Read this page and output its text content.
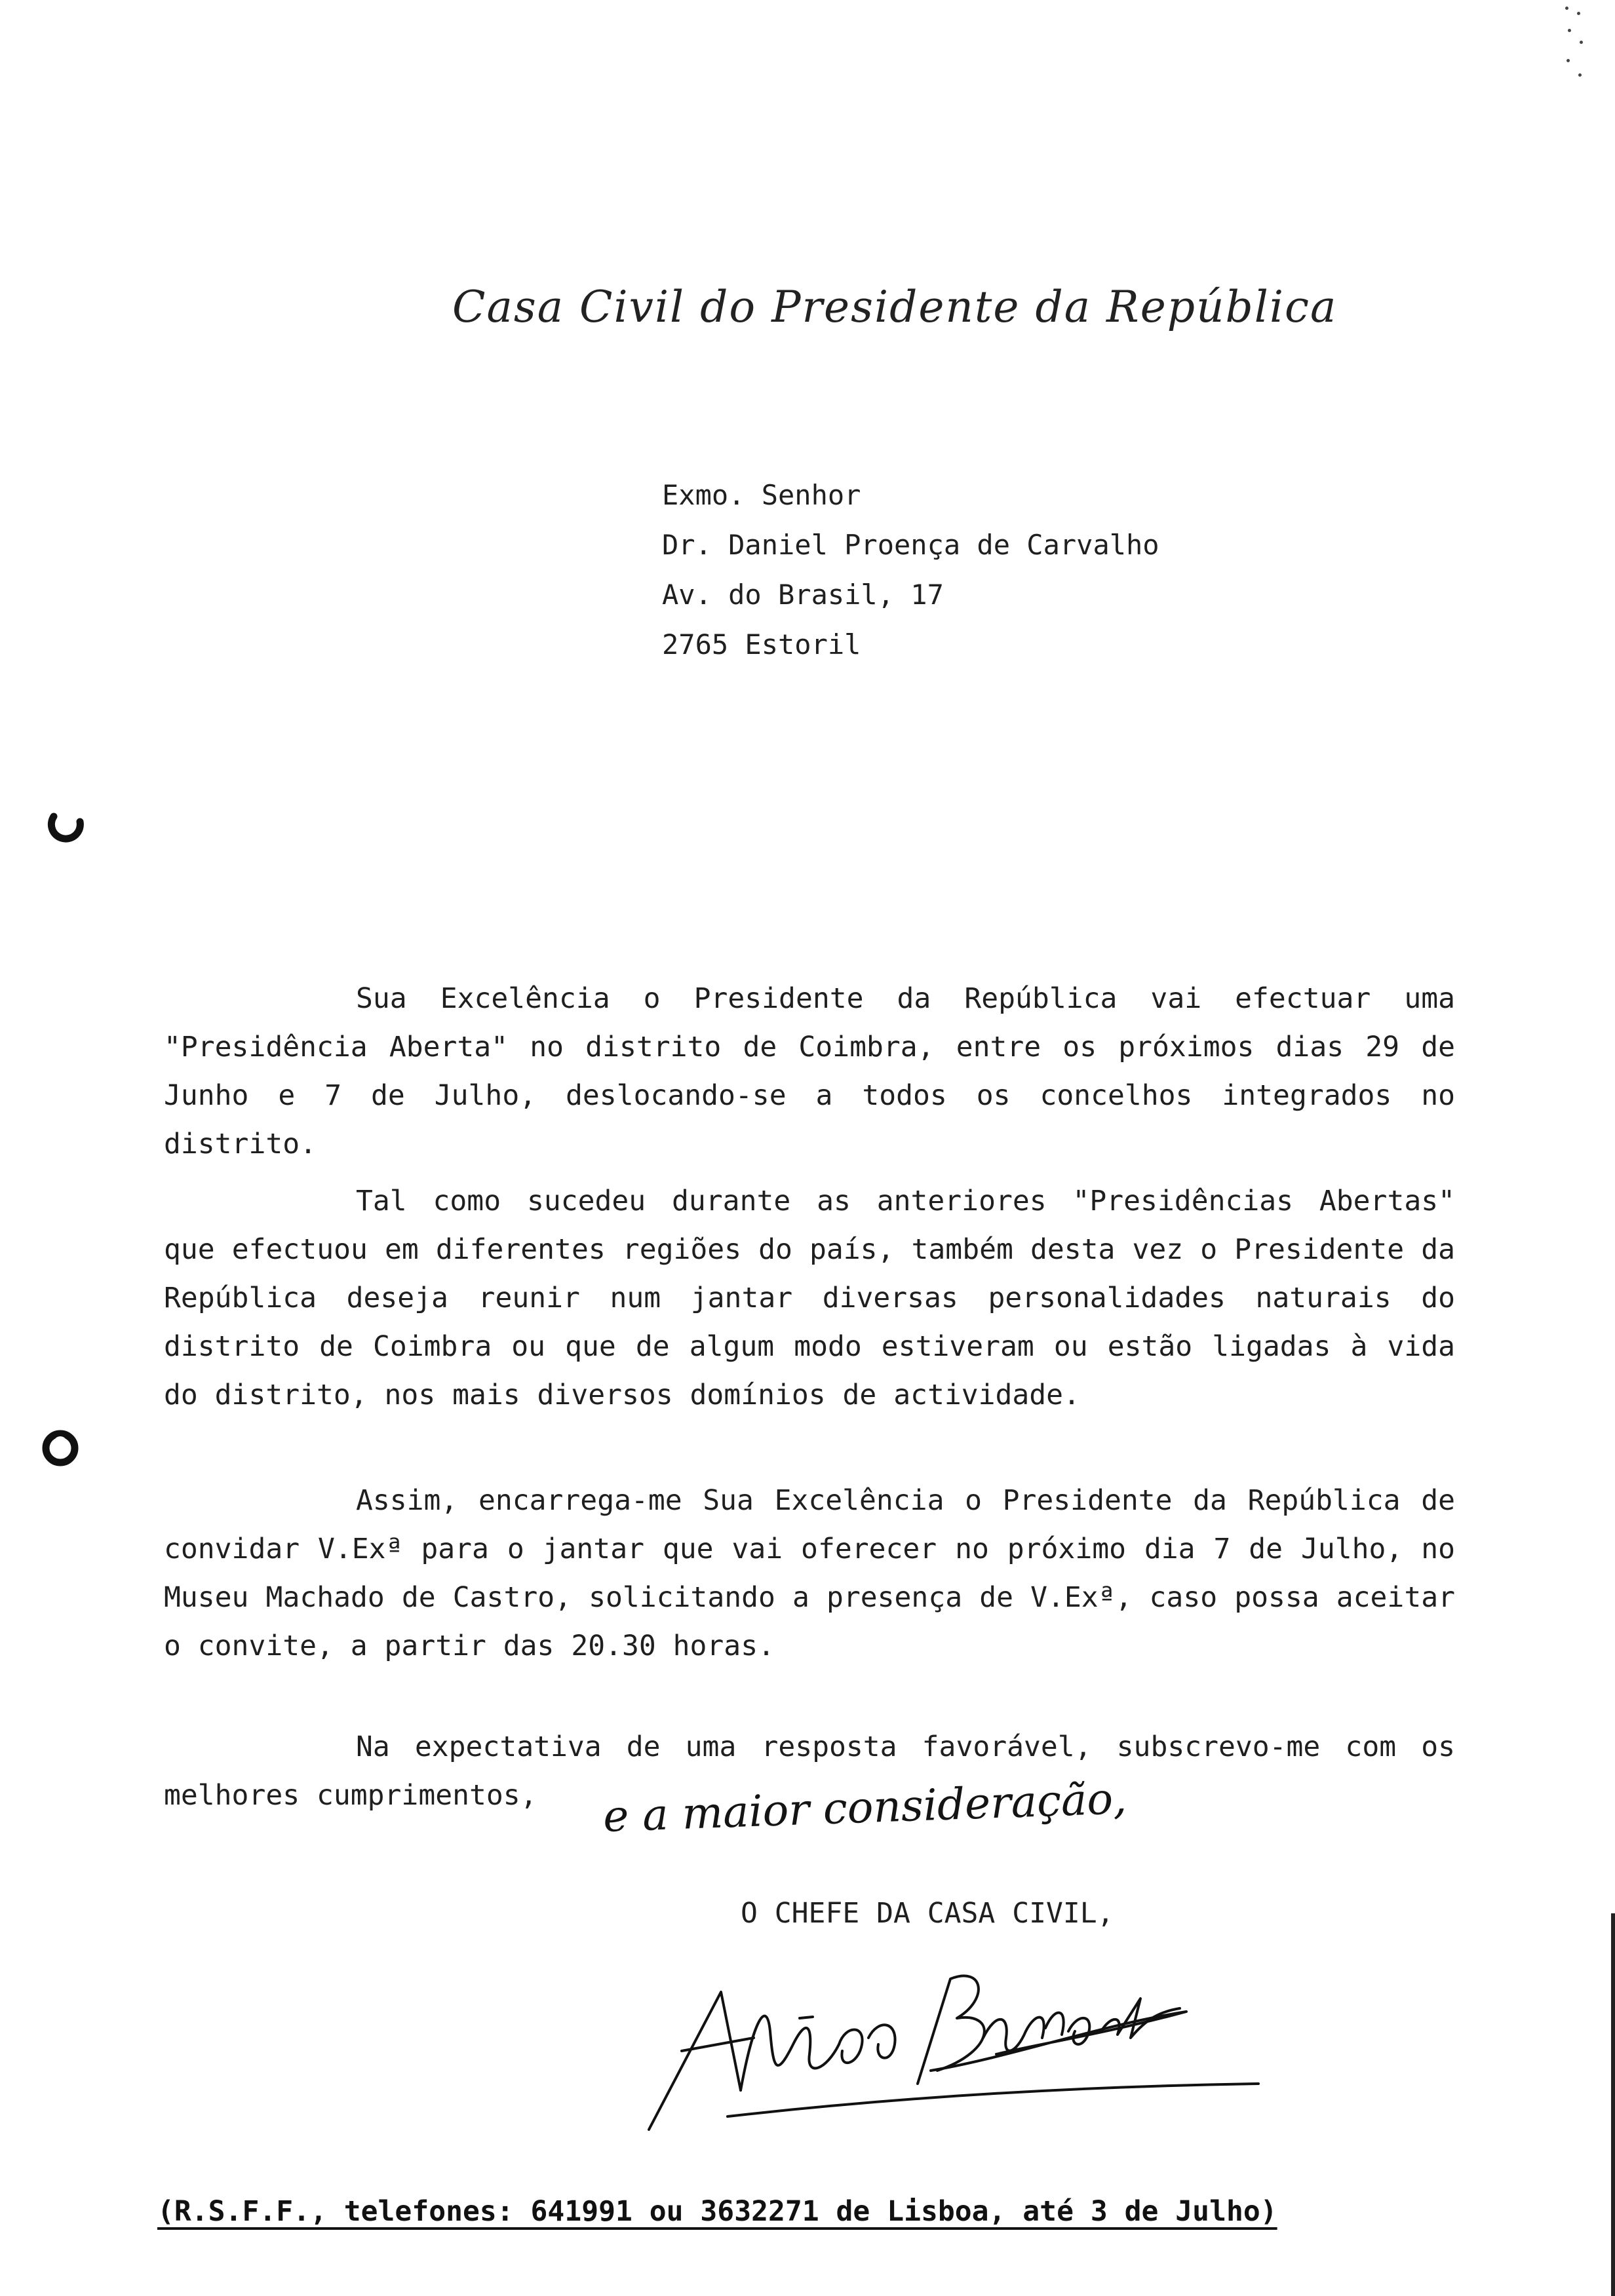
Casa Civil do Presidente da República
Exmo. Senhor
Dr. Daniel Proença de Carvalho
Av. do Brasil, 17
2765 Estoril

Sua Excelência o Presidente da República vai efectuar uma "Presidência Aberta" no distrito de Coimbra, entre os próximos dias 29 de Junho e 7 de Julho, deslocando-se a todos os concelhos integrados no distrito.

Tal como sucedeu durante as anteriores "Presidências Abertas" que efectuou em diferentes regiões do país, também desta vez o Presidente da República deseja reunir num jantar diversas personalidades naturais do distrito de Coimbra ou que de algum modo estiveram ou estão ligadas à vida do distrito, nos mais diversos domínios de actividade.

Assim, encarrega-me Sua Excelência o Presidente da República de convidar V.Exª para o jantar que vai oferecer no próximo dia 7 de Julho, no Museu Machado de Castro, solicitando a presença de V.Exª, caso possa aceitar o convite, a partir das 20.30 horas.

Na expectativa de uma resposta favorável, subscrevo-me com os melhores cumprimentos,	e a maior consideração,
O CHEFE DA CASA CIVIL,
(R.S.F.F., telefones: 641991 ou 3632271 de Lisboa, até 3 de Julho)
